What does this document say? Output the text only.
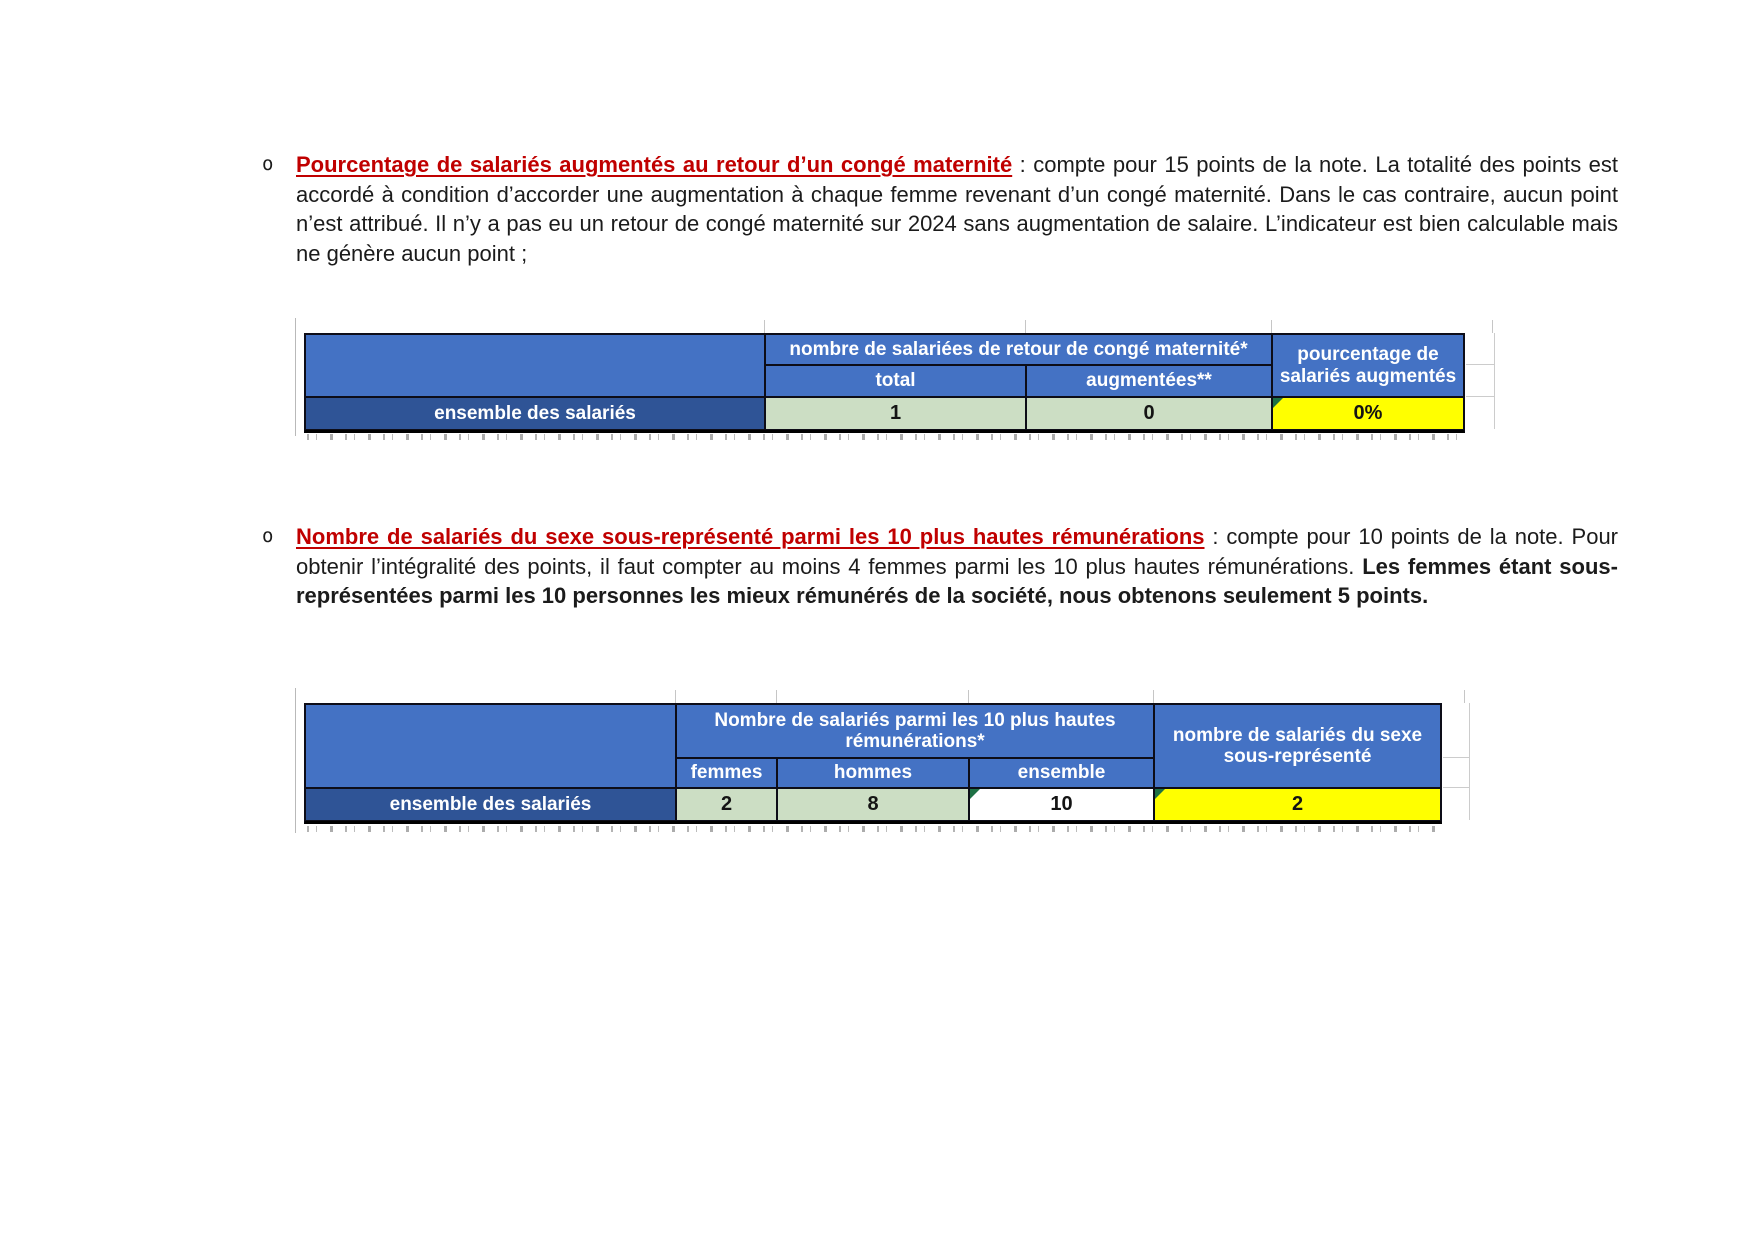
o Pourcentage de salariés augmentés au retour d’un congé maternité : compte pour 15 points de la note. La totalité des points est accordé à condition d’accorder une augmentation à chaque femme revenant d’un congé maternité. Dans le cas contraire, aucun point n’est attribué. Il n’y a pas eu un retour de congé maternité sur 2024 sans augmentation de salaire. L’indicateur est bien calculable mais ne génère aucun point ;
nombre de salariées de retour de congé maternité*	pourcentage de salariés augmentés
total	augmentées**
ensemble des salariés	1	0	0%
o Nombre de salariés du sexe sous-représenté parmi les 10 plus hautes rémunérations : compte pour 10 points de la note. Pour obtenir l’intégralité des points, il faut compter au moins 4 femmes parmi les 10 plus hautes rémunérations. Les femmes étant sous-représentées parmi les 10 personnes les mieux rémunérés de la société, nous obtenons seulement 5 points.
Nombre de salariés parmi les 10 plus hautes rémunérations*	nombre de salariés du sexe sous-représenté
femmes	hommes	ensemble
ensemble des salariés	2	8	10	2
